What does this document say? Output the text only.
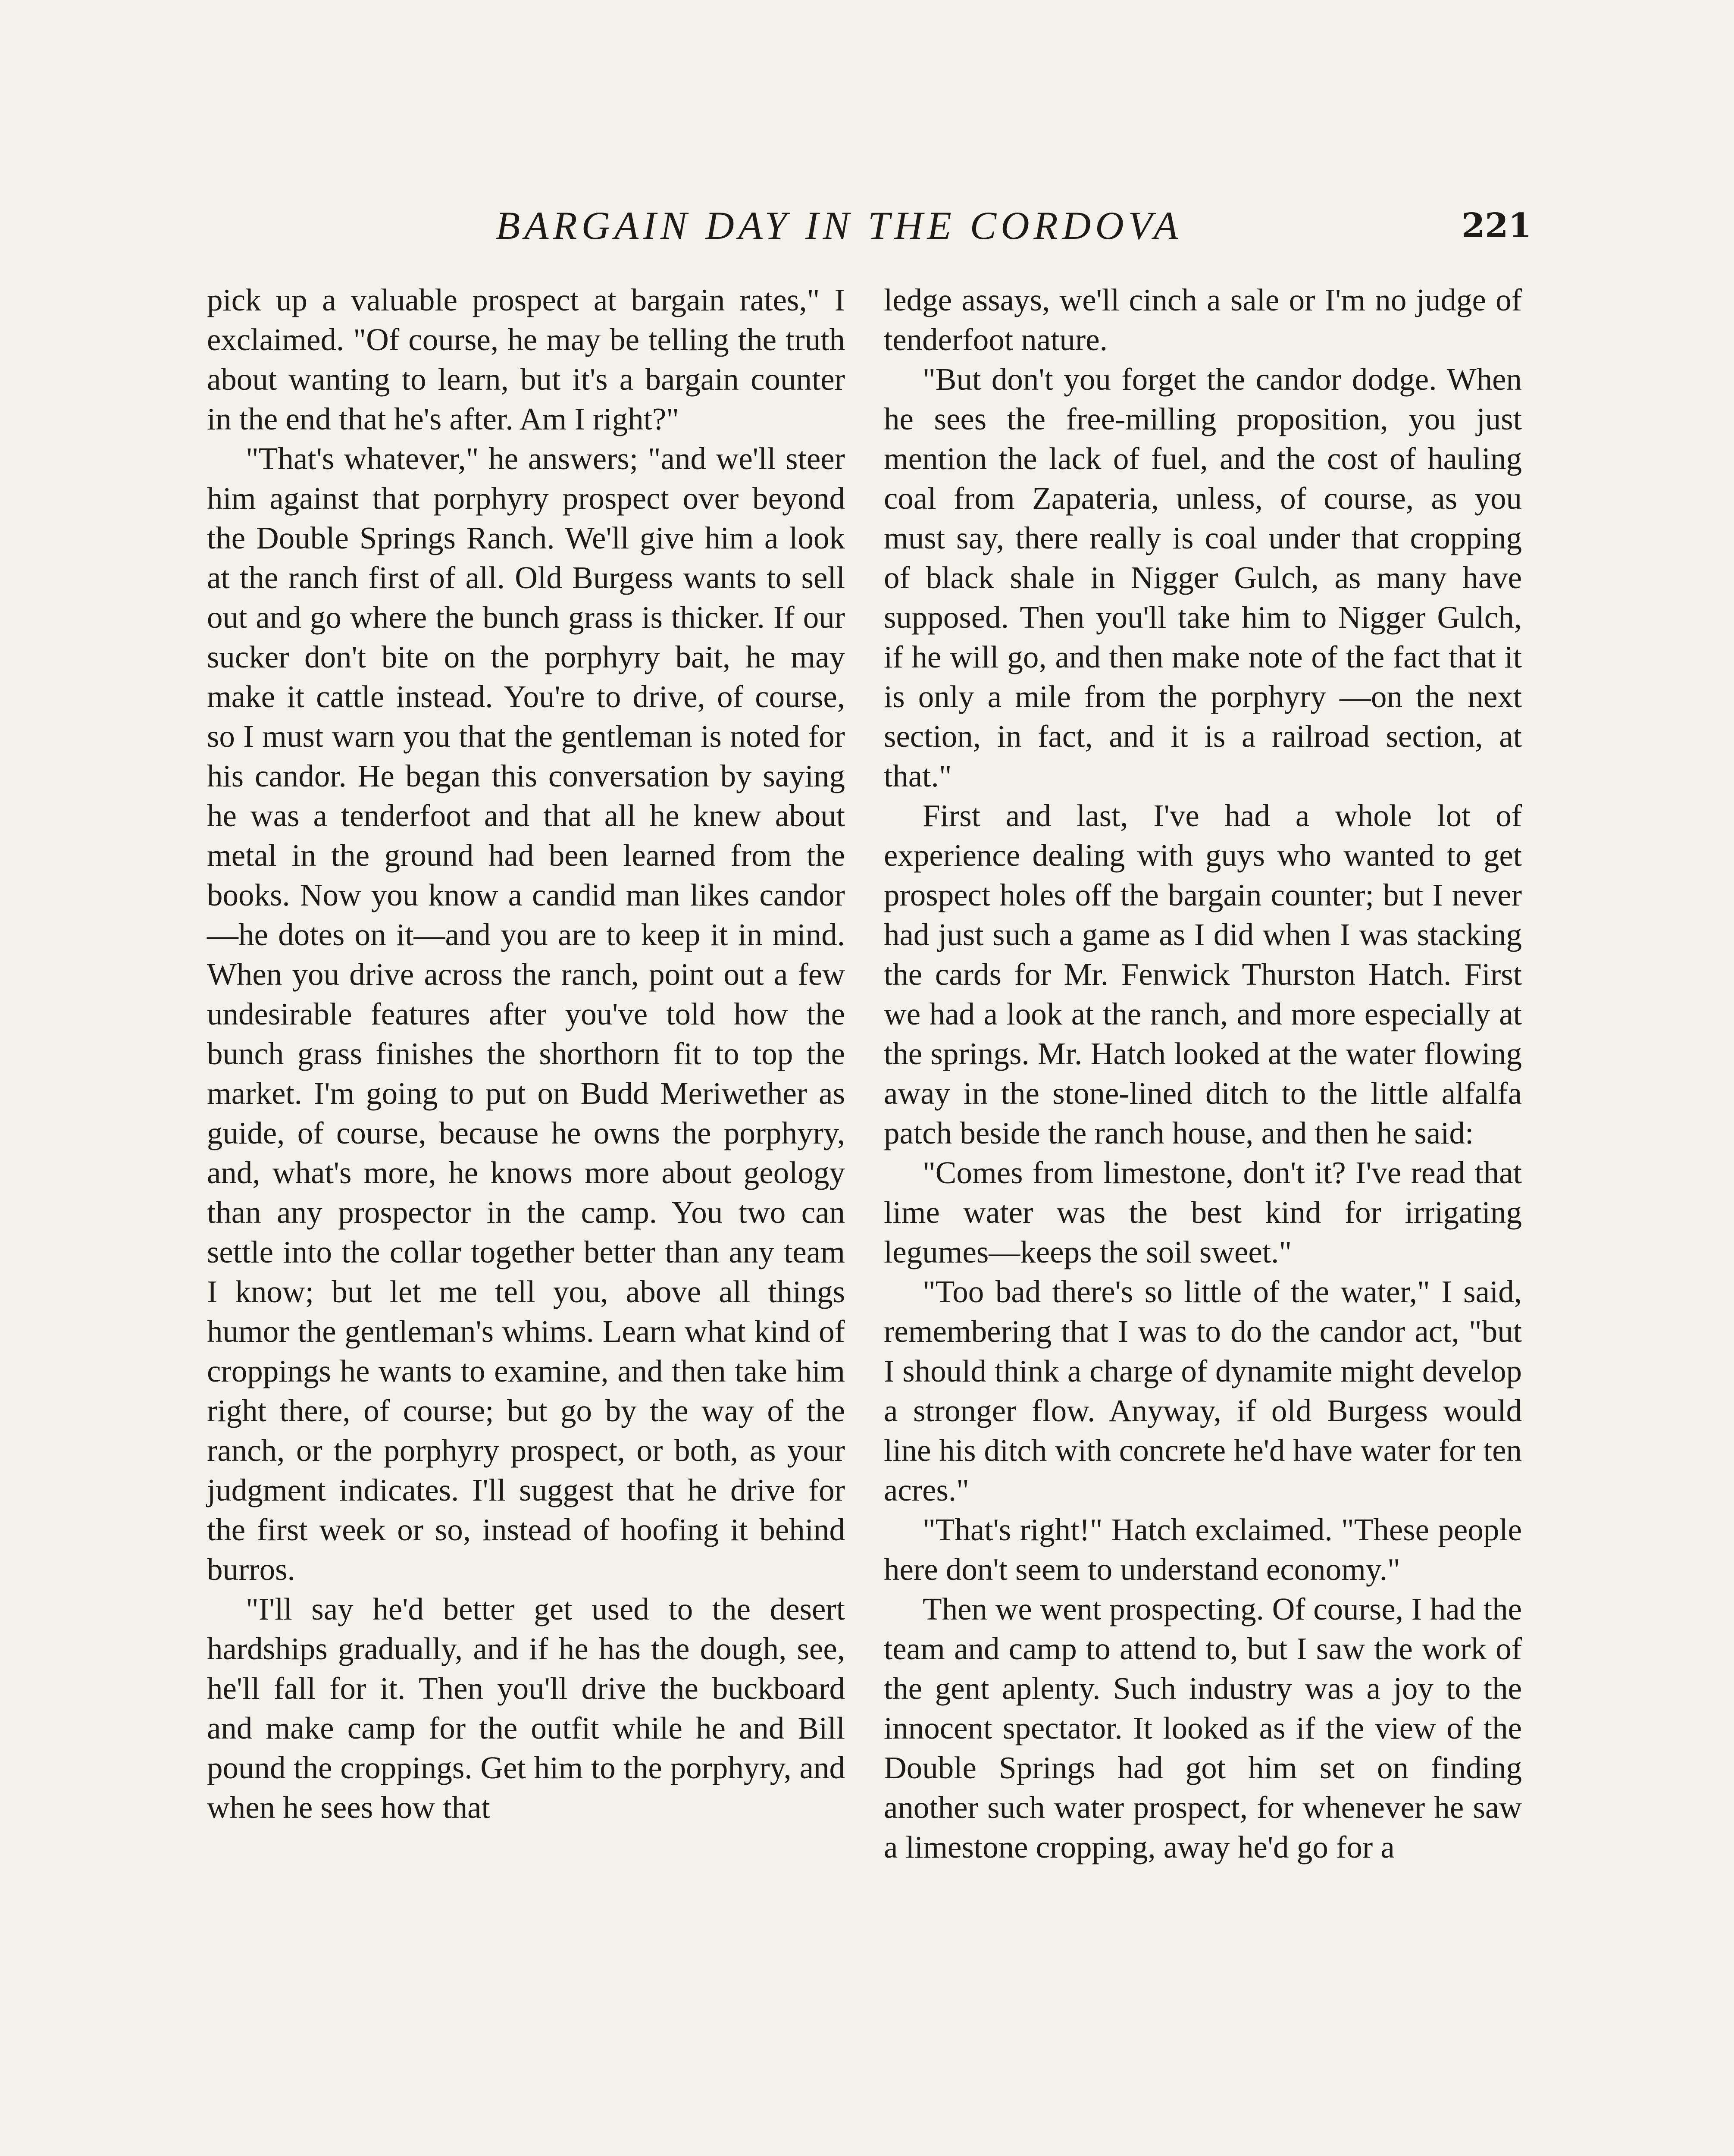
BARGAIN DAY IN THE CORDOVA	221

pick up a valuable prospect at bargain rates," I exclaimed. "Of course, he may be telling the truth about wanting to learn, but it's a bargain counter in the end that he's after. Am I right?"

"That's whatever," he answers; "and we'll steer him against that porphyry prospect over beyond the Double Springs Ranch. We'll give him a look at the ranch first of all. Old Burgess wants to sell out and go where the bunch grass is thicker. If our sucker don't bite on the porphyry bait, he may make it cattle instead. You're to drive, of course, so I must warn you that the gentleman is noted for his candor. He began this conversation by saying he was a tenderfoot and that all he knew about metal in the ground had been learned from the books. Now you know a candid man likes candor—he dotes on it—and you are to keep it in mind. When you drive across the ranch, point out a few undesirable features after you've told how the bunch grass finishes the shorthorn fit to top the market. I'm going to put on Budd Meriwether as guide, of course, because he owns the porphyry, and, what's more, he knows more about geology than any prospector in the camp. You two can settle into the collar together better than any team I know; but let me tell you, above all things humor the gentleman's whims. Learn what kind of croppings he wants to examine, and then take him right there, of course; but go by the way of the ranch, or the porphyry prospect, or both, as your judgment indicates. I'll suggest that he drive for the first week or so, instead of hoofing it behind burros.

"I'll say he'd better get used to the desert hardships gradually, and if he has the dough, see, he'll fall for it. Then you'll drive the buckboard and make camp for the outfit while he and Bill pound the croppings. Get him to the porphyry, and when he sees how that

ledge assays, we'll cinch a sale or I'm no judge of tenderfoot nature.

"But don't you forget the candor dodge. When he sees the free-milling proposition, you just mention the lack of fuel, and the cost of hauling coal from Zapateria, unless, of course, as you must say, there really is coal under that cropping of black shale in Nigger Gulch, as many have supposed. Then you'll take him to Nigger Gulch, if he will go, and then make note of the fact that it is only a mile from the porphyry —on the next section, in fact, and it is a railroad section, at that."

First and last, I've had a whole lot of experience dealing with guys who wanted to get prospect holes off the bargain counter; but I never had just such a game as I did when I was stacking the cards for Mr. Fenwick Thurston Hatch. First we had a look at the ranch, and more especially at the springs. Mr. Hatch looked at the water flowing away in the stone-lined ditch to the little alfalfa patch beside the ranch house, and then he said:

"Comes from limestone, don't it? I've read that lime water was the best kind for irrigating legumes—keeps the soil sweet."

"Too bad there's so little of the water," I said, remembering that I was to do the candor act, "but I should think a charge of dynamite might develop a stronger flow. Anyway, if old Burgess would line his ditch with concrete he'd have water for ten acres."

"That's right!" Hatch exclaimed. "These people here don't seem to understand economy."

Then we went prospecting. Of course, I had the team and camp to attend to, but I saw the work of the gent aplenty. Such industry was a joy to the innocent spectator. It looked as if the view of the Double Springs had got him set on finding another such water prospect, for whenever he saw a limestone cropping, away he'd go for a
